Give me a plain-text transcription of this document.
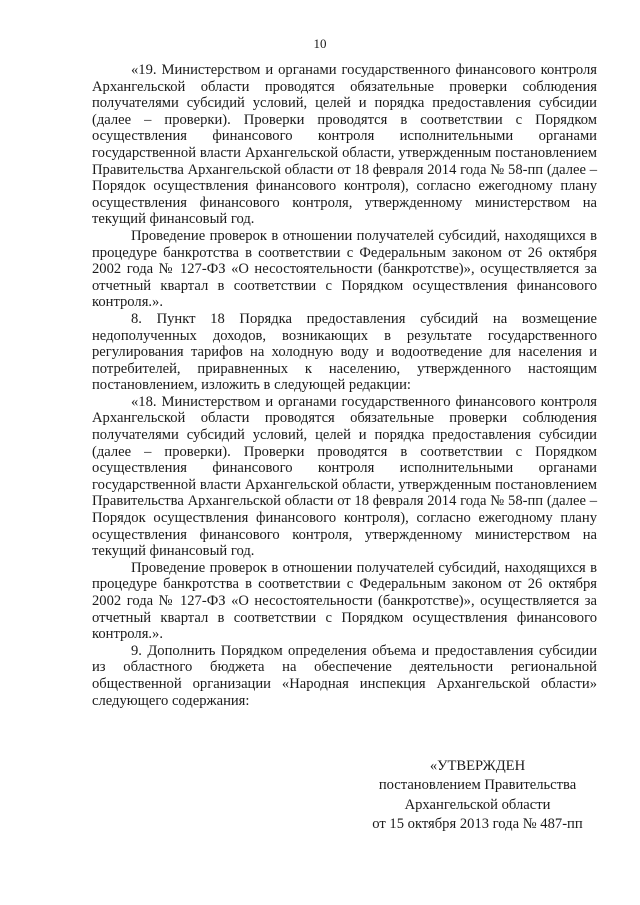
10

«19. Министерством и органами государственного финансового контроля Архангельской области проводятся обязательные проверки соблюдения получателями субсидий условий, целей и порядка предоставления субсидии (далее – проверки). Проверки проводятся в соответствии с Порядком осуществления финансового контроля исполнительными органами государственной власти Архангельской области, утвержденным постановлением Правительства Архангельской области от 18 февраля 2014 года № 58-пп (далее – Порядок осуществления финансового контроля), согласно ежегодному плану осуществления финансового контроля, утвержденному министерством на текущий финансовый год.

Проведение проверок в отношении получателей субсидий, находящихся в процедуре банкротства в соответствии с Федеральным законом от 26 октября 2002 года № 127-ФЗ «О несостоятельности (банкротстве)», осуществляется за отчетный квартал в соответствии с Порядком осуществления финансового контроля.».

8. Пункт 18 Порядка предоставления субсидий на возмещение недополученных доходов, возникающих в результате государственного регулирования тарифов на холодную воду и водоотведение для населения и потребителей, приравненных к населению, утвержденного настоящим постановлением, изложить в следующей редакции:

«18. Министерством и органами государственного финансового контроля Архангельской области проводятся обязательные проверки соблюдения получателями субсидий условий, целей и порядка предоставления субсидии (далее – проверки). Проверки проводятся в соответствии с Порядком осуществления финансового контроля исполнительными органами государственной власти Архангельской области, утвержденным постановлением Правительства Архангельской области от 18 февраля 2014 года № 58-пп (далее – Порядок осуществления финансового контроля), согласно ежегодному плану осуществления финансового контроля, утвержденному министерством на текущий финансовый год.

Проведение проверок в отношении получателей субсидий, находящихся в процедуре банкротства в соответствии с Федеральным законом от 26 октября 2002 года № 127-ФЗ «О несостоятельности (банкротстве)», осуществляется за отчетный квартал в соответствии с Порядком осуществления финансового контроля.».

9. Дополнить Порядком определения объема и предоставления субсидии из областного бюджета на обеспечение деятельности региональной общественной организации «Народная инспекция Архангельской области» следующего содержания:

«УТВЕРЖДЕН
постановлением Правительства
Архангельской области
от 15 октября 2013 года № 487-пп
